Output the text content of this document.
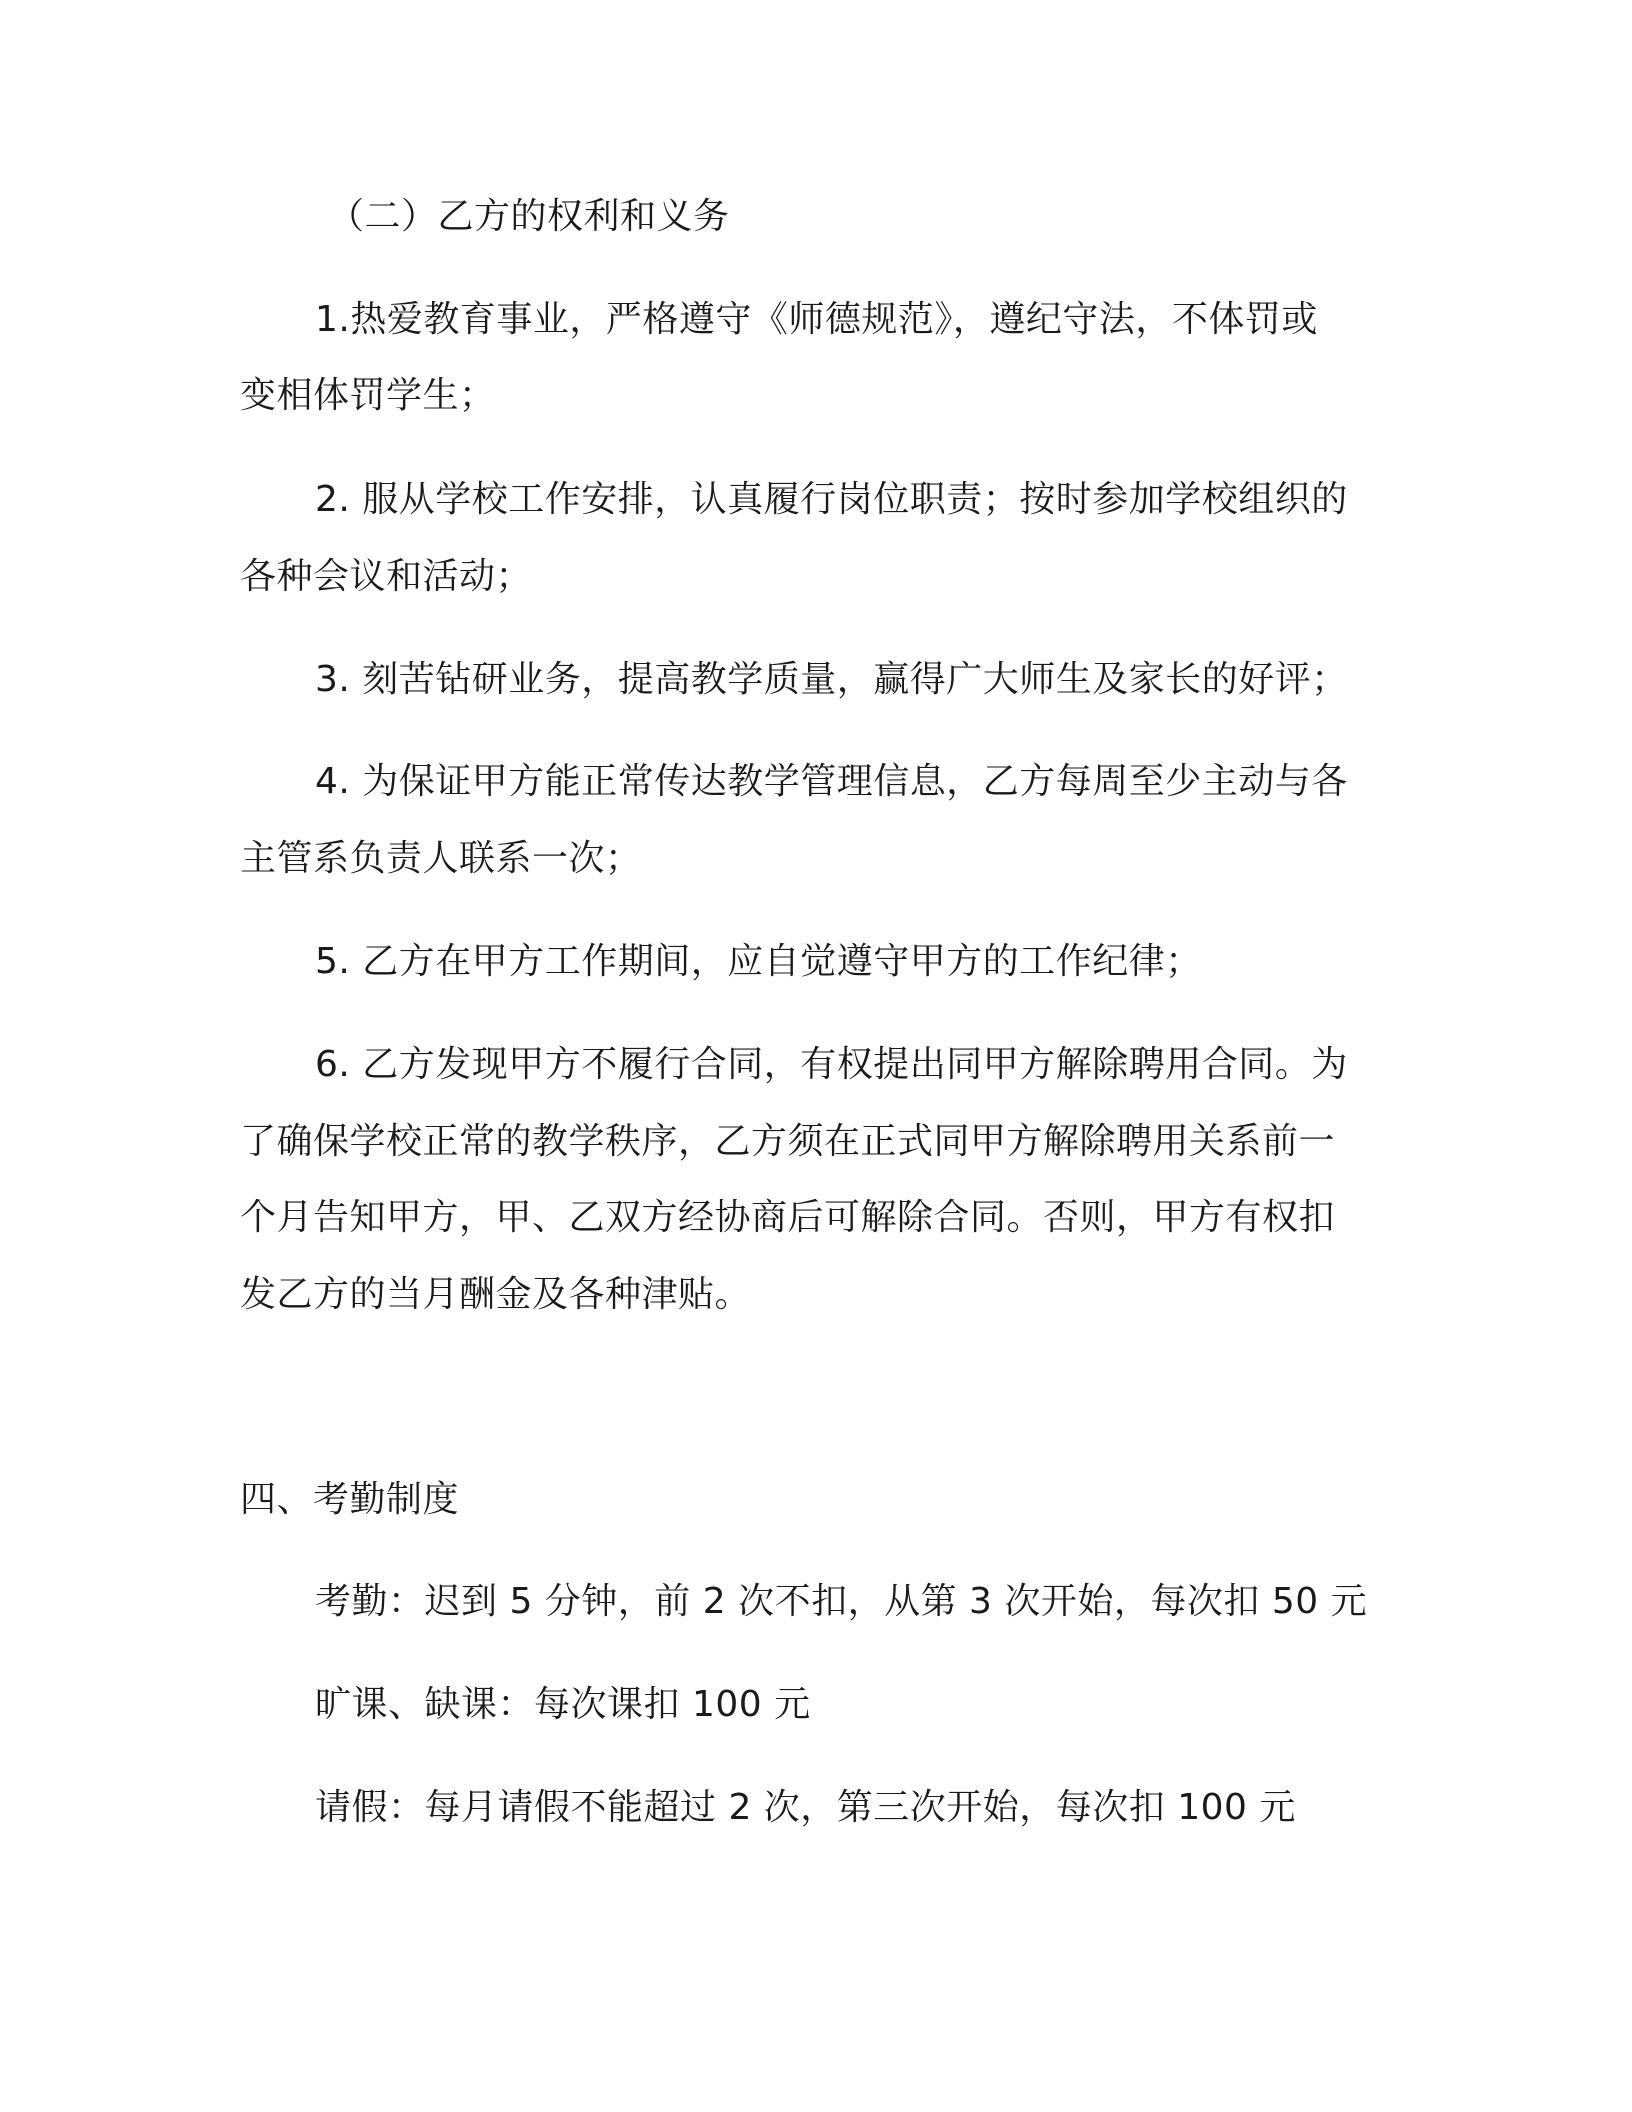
（二）乙方的权利和义务
1.热爱教育事业，严格遵守《师德规范》，遵纪守法，不体罚或
变相体罚学生；
2. 服从学校工作安排，认真履行岗位职责；按时参加学校组织的
各种会议和活动；
3. 刻苦钻研业务，提高教学质量，赢得广大师生及家长的好评；
4. 为保证甲方能正常传达教学管理信息，乙方每周至少主动与各
主管系负责人联系一次；
5. 乙方在甲方工作期间，应自觉遵守甲方的工作纪律；
6. 乙方发现甲方不履行合同，有权提出同甲方解除聘用合同。为
了确保学校正常的教学秩序，乙方须在正式同甲方解除聘用关系前一
个月告知甲方，甲、乙双方经协商后可解除合同。否则，甲方有权扣
发乙方的当月酬金及各种津贴。
四、考勤制度
考勤：迟到 5 分钟，前 2 次不扣，从第 3 次开始，每次扣 50 元
旷课、缺课：每次课扣 100 元
请假：每月请假不能超过 2 次，第三次开始，每次扣 100 元
